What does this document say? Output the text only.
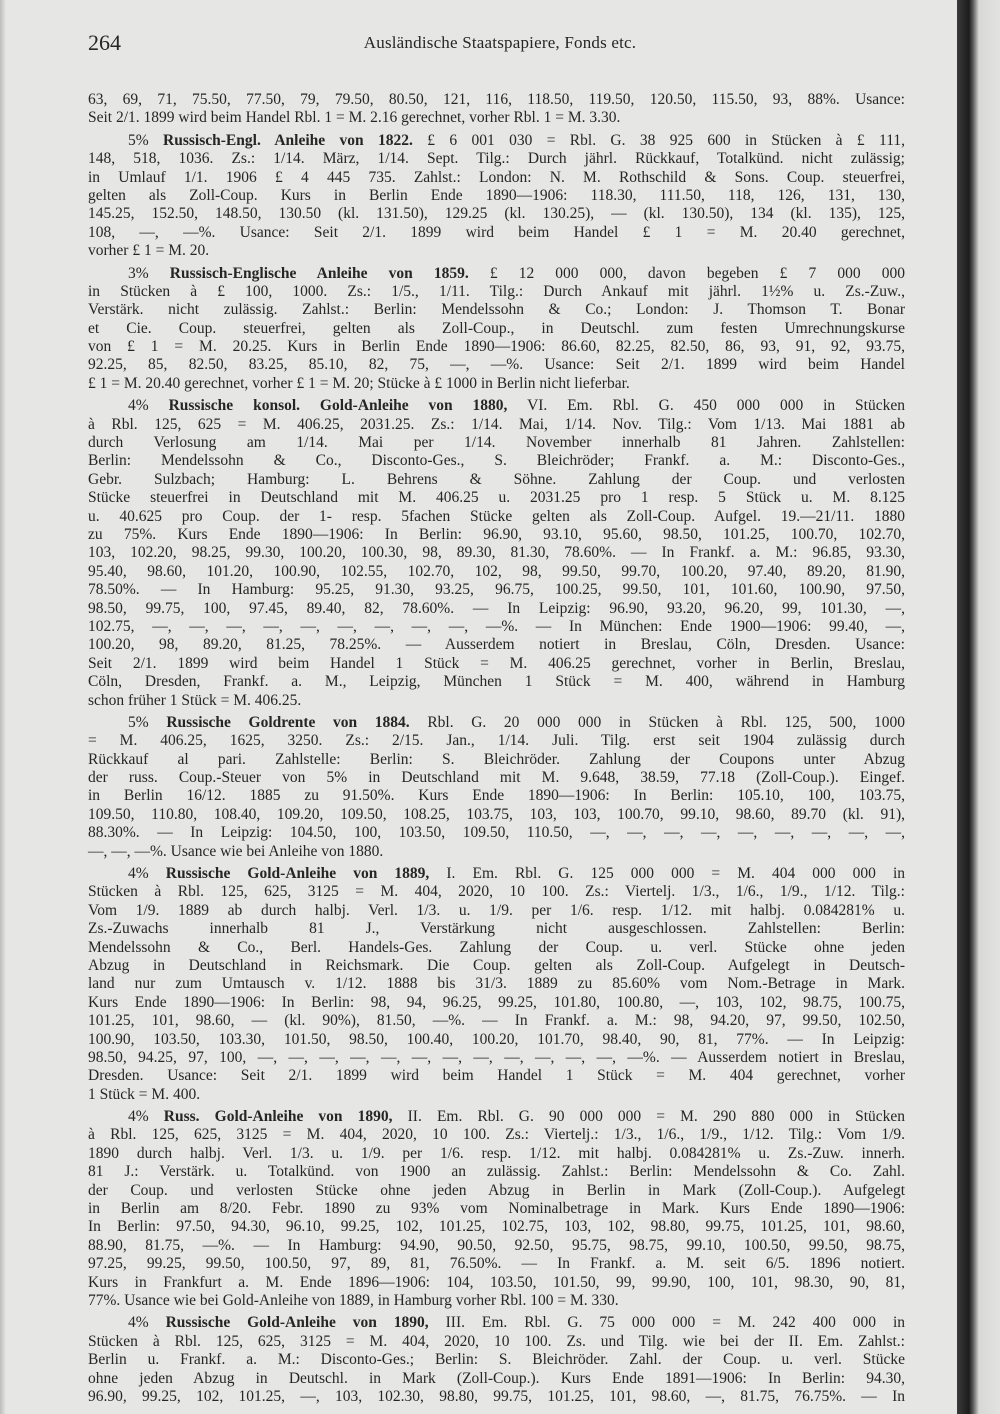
264	Ausländische Staatspapiere, Fonds etc.
63, 69, 71, 75.50, 77.50, 79, 79.50, 80.50, 121, 116, 118.50, 119.50, 120.50, 115.50, 93, 88%. Usance:
Seit 2/1. 1899 wird beim Handel Rbl. 1 = M. 2.16 gerechnet, vorher Rbl. 1 = M. 3.30.
5% Russisch-Engl. Anleihe von 1822. £ 6 001 030 = Rbl. G. 38 925 600 in Stücken à £ 111,
148, 518, 1036. Zs.: 1/14. März, 1/14. Sept. Tilg.: Durch jährl. Rückkauf, Totalkünd. nicht zulässig;
in Umlauf 1/1. 1906 £ 4 445 735. Zahlst.: London: N. M. Rothschild & Sons. Coup. steuerfrei,
gelten als Zoll-Coup. Kurs in Berlin Ende 1890—1906: 118.30, 111.50, 118, 126, 131, 130,
145.25, 152.50, 148.50, 130.50 (kl. 131.50), 129.25 (kl. 130.25), — (kl. 130.50), 134 (kl. 135), 125,
108, —, —%. Usance: Seit 2/1. 1899 wird beim Handel £ 1 = M. 20.40 gerechnet,
vorher £ 1 = M. 20.
3% Russisch-Englische Anleihe von 1859. £ 12 000 000, davon begeben £ 7 000 000
in Stücken à £ 100, 1000. Zs.: 1/5., 1/11. Tilg.: Durch Ankauf mit jährl. 1½% u. Zs.-Zuw.,
Verstärk. nicht zulässig. Zahlst.: Berlin: Mendelssohn & Co.; London: J. Thomson T. Bonar
et Cie. Coup. steuerfrei, gelten als Zoll-Coup., in Deutschl. zum festen Umrechnungskurse
von £ 1 = M. 20.25. Kurs in Berlin Ende 1890—1906: 86.60, 82.25, 82.50, 86, 93, 91, 92, 93.75,
92.25, 85, 82.50, 83.25, 85.10, 82, 75, —, —%. Usance: Seit 2/1. 1899 wird beim Handel
£ 1 = M. 20.40 gerechnet, vorher £ 1 = M. 20; Stücke à £ 1000 in Berlin nicht lieferbar.
4% Russische konsol. Gold-Anleihe von 1880, VI. Em. Rbl. G. 450 000 000 in Stücken
à Rbl. 125, 625 = M. 406.25, 2031.25. Zs.: 1/14. Mai, 1/14. Nov. Tilg.: Vom 1/13. Mai 1881 ab
durch Verlosung am 1/14. Mai per 1/14. November innerhalb 81 Jahren. Zahlstellen:
Berlin: Mendelssohn & Co., Disconto-Ges., S. Bleichröder; Frankf. a. M.: Disconto-Ges.,
Gebr. Sulzbach; Hamburg: L. Behrens & Söhne. Zahlung der Coup. und verlosten
Stücke steuerfrei in Deutschland mit M. 406.25 u. 2031.25 pro 1 resp. 5 Stück u. M. 8.125
u. 40.625 pro Coup. der 1- resp. 5fachen Stücke gelten als Zoll-Coup. Aufgel. 19.—21/11. 1880
zu 75%. Kurs Ende 1890—1906: In Berlin: 96.90, 93.10, 95.60, 98.50, 101.25, 100.70, 102.70,
103, 102.20, 98.25, 99.30, 100.20, 100.30, 98, 89.30, 81.30, 78.60%. — In Frankf. a. M.: 96.85, 93.30,
95.40, 98.60, 101.20, 100.90, 102.55, 102.70, 102, 98, 99.50, 99.70, 100.20, 97.40, 89.20, 81.90,
78.50%. — In Hamburg: 95.25, 91.30, 93.25, 96.75, 100.25, 99.50, 101, 101.60, 100.90, 97.50,
98.50, 99.75, 100, 97.45, 89.40, 82, 78.60%. — In Leipzig: 96.90, 93.20, 96.20, 99, 101.30, —,
102.75, —, —, —, —, —, —, —, —, —, —%. — In München: Ende 1900—1906: 99.40, —,
100.20, 98, 89.20, 81.25, 78.25%. — Ausserdem notiert in Breslau, Cöln, Dresden. Usance:
Seit 2/1. 1899 wird beim Handel 1 Stück = M. 406.25 gerechnet, vorher in Berlin, Breslau,
Cöln, Dresden, Frankf. a. M., Leipzig, München 1 Stück = M. 400, während in Hamburg
schon früher 1 Stück = M. 406.25.
5% Russische Goldrente von 1884. Rbl. G. 20 000 000 in Stücken à Rbl. 125, 500, 1000
= M. 406.25, 1625, 3250. Zs.: 2/15. Jan., 1/14. Juli. Tilg. erst seit 1904 zulässig durch
Rückkauf al pari. Zahlstelle: Berlin: S. Bleichröder. Zahlung der Coupons unter Abzug
der russ. Coup.-Steuer von 5% in Deutschland mit M. 9.648, 38.59, 77.18 (Zoll-Coup.). Eingef.
in Berlin 16/12. 1885 zu 91.50%. Kurs Ende 1890—1906: In Berlin: 105.10, 100, 103.75,
109.50, 110.80, 108.40, 109.20, 109.50, 108.25, 103.75, 103, 103, 100.70, 99.10, 98.60, 89.70 (kl. 91),
88.30%. — In Leipzig: 104.50, 100, 103.50, 109.50, 110.50, —, —, —, —, —, —, —, —, —,
—, —, —%. Usance wie bei Anleihe von 1880.
4% Russische Gold-Anleihe von 1889, I. Em. Rbl. G. 125 000 000 = M. 404 000 000 in
Stücken à Rbl. 125, 625, 3125 = M. 404, 2020, 10 100. Zs.: Viertelj. 1/3., 1/6., 1/9., 1/12. Tilg.:
Vom 1/9. 1889 ab durch halbj. Verl. 1/3. u. 1/9. per 1/6. resp. 1/12. mit halbj. 0.084281% u.
Zs.-Zuwachs innerhalb 81 J., Verstärkung nicht ausgeschlossen. Zahlstellen: Berlin:
Mendelssohn & Co., Berl. Handels-Ges. Zahlung der Coup. u. verl. Stücke ohne jeden
Abzug in Deutschland in Reichsmark. Die Coup. gelten als Zoll-Coup. Aufgelegt in Deutsch-
land nur zum Umtausch v. 1/12. 1888 bis 31/3. 1889 zu 85.60% vom Nom.-Betrage in Mark.
Kurs Ende 1890—1906: In Berlin: 98, 94, 96.25, 99.25, 101.80, 100.80, —, 103, 102, 98.75, 100.75,
101.25, 101, 98.60, — (kl. 90%), 81.50, —%. — In Frankf. a. M.: 98, 94.20, 97, 99.50, 102.50,
100.90, 103.50, 103.30, 101.50, 98.50, 100.40, 100.20, 101.70, 98.40, 90, 81, 77%. — In Leipzig:
98.50, 94.25, 97, 100, —, —, —, —, —, —, —, —, —, —, —, —, —%. — Ausserdem notiert in Breslau,
Dresden. Usance: Seit 2/1. 1899 wird beim Handel 1 Stück = M. 404 gerechnet, vorher
1 Stück = M. 400.
4% Russ. Gold-Anleihe von 1890, II. Em. Rbl. G. 90 000 000 = M. 290 880 000 in Stücken
à Rbl. 125, 625, 3125 = M. 404, 2020, 10 100. Zs.: Viertelj.: 1/3., 1/6., 1/9., 1/12. Tilg.: Vom 1/9.
1890 durch halbj. Verl. 1/3. u. 1/9. per 1/6. resp. 1/12. mit halbj. 0.084281% u. Zs.-Zuw. innerh.
81 J.: Verstärk. u. Totalkünd. von 1900 an zulässig. Zahlst.: Berlin: Mendelssohn & Co. Zahl.
der Coup. und verlosten Stücke ohne jeden Abzug in Berlin in Mark (Zoll-Coup.). Aufgelegt
in Berlin am 8/20. Febr. 1890 zu 93% vom Nominalbetrage in Mark. Kurs Ende 1890—1906:
In Berlin: 97.50, 94.30, 96.10, 99.25, 102, 101.25, 102.75, 103, 102, 98.80, 99.75, 101.25, 101, 98.60,
88.90, 81.75, —%. — In Hamburg: 94.90, 90.50, 92.50, 95.75, 98.75, 99.10, 100.50, 99.50, 98.75,
97.25, 99.25, 99.50, 100.50, 97, 89, 81, 76.50%. — In Frankf. a. M. seit 6/5. 1896 notiert.
Kurs in Frankfurt a. M. Ende 1896—1906: 104, 103.50, 101.50, 99, 99.90, 100, 101, 98.30, 90, 81,
77%. Usance wie bei Gold-Anleihe von 1889, in Hamburg vorher Rbl. 100 = M. 330.
4% Russische Gold-Anleihe von 1890, III. Em. Rbl. G. 75 000 000 = M. 242 400 000 in
Stücken à Rbl. 125, 625, 3125 = M. 404, 2020, 10 100. Zs. und Tilg. wie bei der II. Em. Zahlst.:
Berlin u. Frankf. a. M.: Disconto-Ges.; Berlin: S. Bleichröder. Zahl. der Coup. u. verl. Stücke
ohne jeden Abzug in Deutschl. in Mark (Zoll-Coup.). Kurs Ende 1891—1906: In Berlin: 94.30,
96.90, 99.25, 102, 101.25, —, 103, 102.30, 98.80, 99.75, 101.25, 101, 98.60, —, 81.75, 76.75%. — In
